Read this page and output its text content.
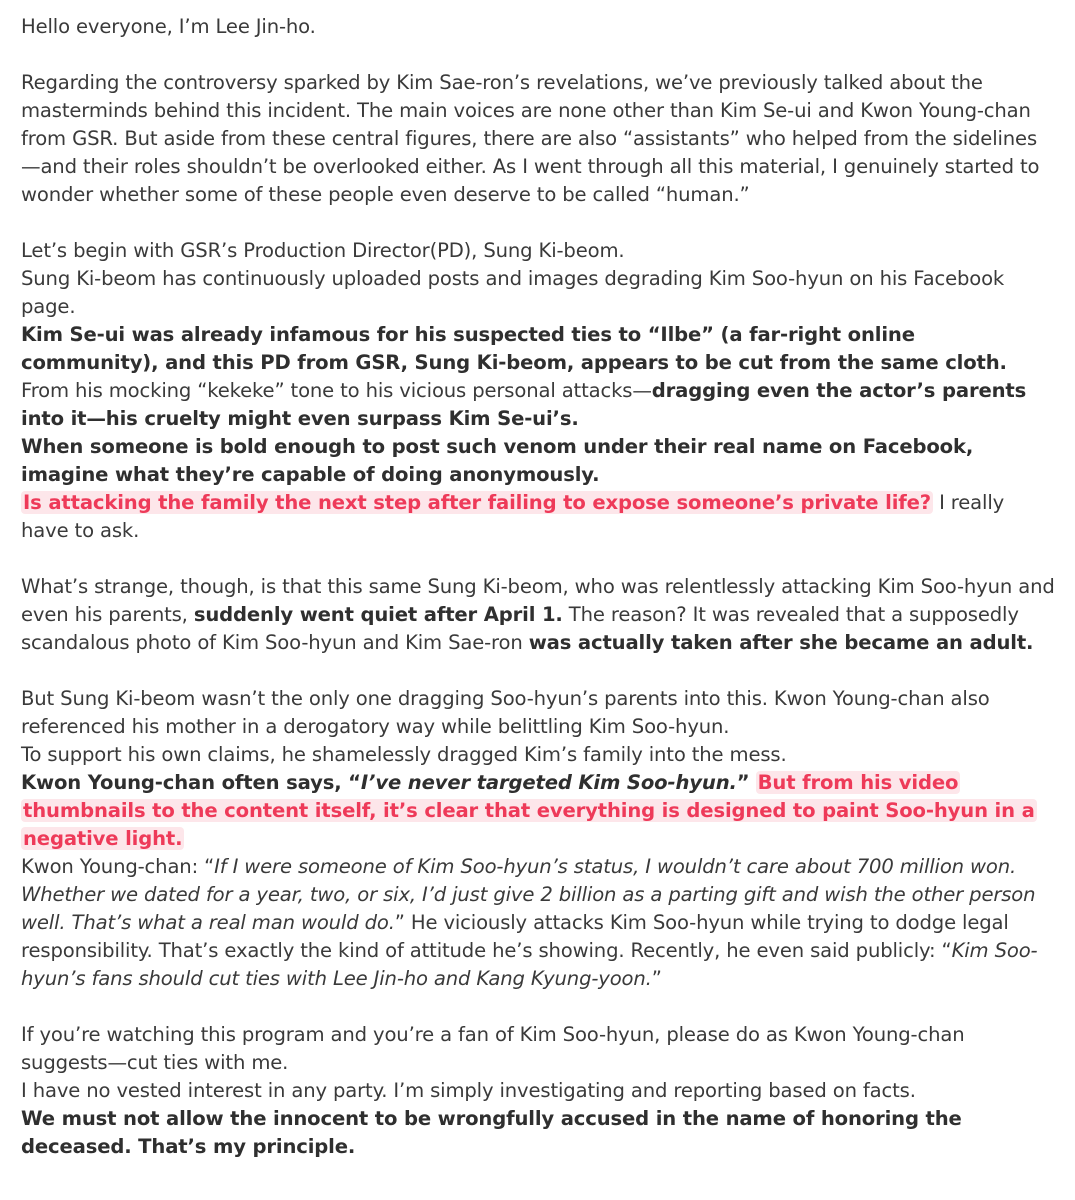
Hello everyone, I’m Lee Jin-ho.
Regarding the controversy sparked by Kim Sae-ron’s revelations, we’ve previously talked about the masterminds behind this incident. The main voices are none other than Kim Se-ui and Kwon Young-chan from GSR. But aside from these central figures, there are also “assistants” who helped from the sidelines—and their roles shouldn’t be overlooked either. As I went through all this material, I genuinely started to wonder whether some of these people even deserve to be called “human.”
Let’s begin with GSR’s Production Director(PD), Sung Ki-beom.
Sung Ki-beom has continuously uploaded posts and images degrading Kim Soo-hyun on his Facebook page.
Kim Se-ui was already infamous for his suspected ties to “Ilbe” (a far-right online community), and this PD from GSR, Sung Ki-beom, appears to be cut from the same cloth. From his mocking “kekeke” tone to his vicious personal attacks—dragging even the actor’s parents into it—his cruelty might even surpass Kim Se-ui’s.
When someone is bold enough to post such venom under their real name on Facebook, imagine what they’re capable of doing anonymously.
Is attacking the family the next step after failing to expose someone’s private life? I really have to ask.
What’s strange, though, is that this same Sung Ki-beom, who was relentlessly attacking Kim Soo-hyun and even his parents, suddenly went quiet after April 1. The reason? It was revealed that a supposedly scandalous photo of Kim Soo-hyun and Kim Sae-ron was actually taken after she became an adult.
But Sung Ki-beom wasn’t the only one dragging Soo-hyun’s parents into this. Kwon Young-chan also referenced his mother in a derogatory way while belittling Kim Soo-hyun.
To support his own claims, he shamelessly dragged Kim’s family into the mess.
Kwon Young-chan often says, “I’ve never targeted Kim Soo-hyun.” But from his video thumbnails to the content itself, it’s clear that everything is designed to paint Soo-hyun in a negative light.
Kwon Young-chan: “If I were someone of Kim Soo-hyun’s status, I wouldn’t care about 700 million won. Whether we dated for a year, two, or six, I’d just give 2 billion as a parting gift and wish the other person well. That’s what a real man would do.” He viciously attacks Kim Soo-hyun while trying to dodge legal responsibility. That’s exactly the kind of attitude he’s showing. Recently, he even said publicly: “Kim Soo-hyun’s fans should cut ties with Lee Jin-ho and Kang Kyung-yoon.”
If you’re watching this program and you’re a fan of Kim Soo-hyun, please do as Kwon Young-chan suggests—cut ties with me.
I have no vested interest in any party. I’m simply investigating and reporting based on facts.
We must not allow the innocent to be wrongfully accused in the name of honoring the deceased. That’s my principle.
